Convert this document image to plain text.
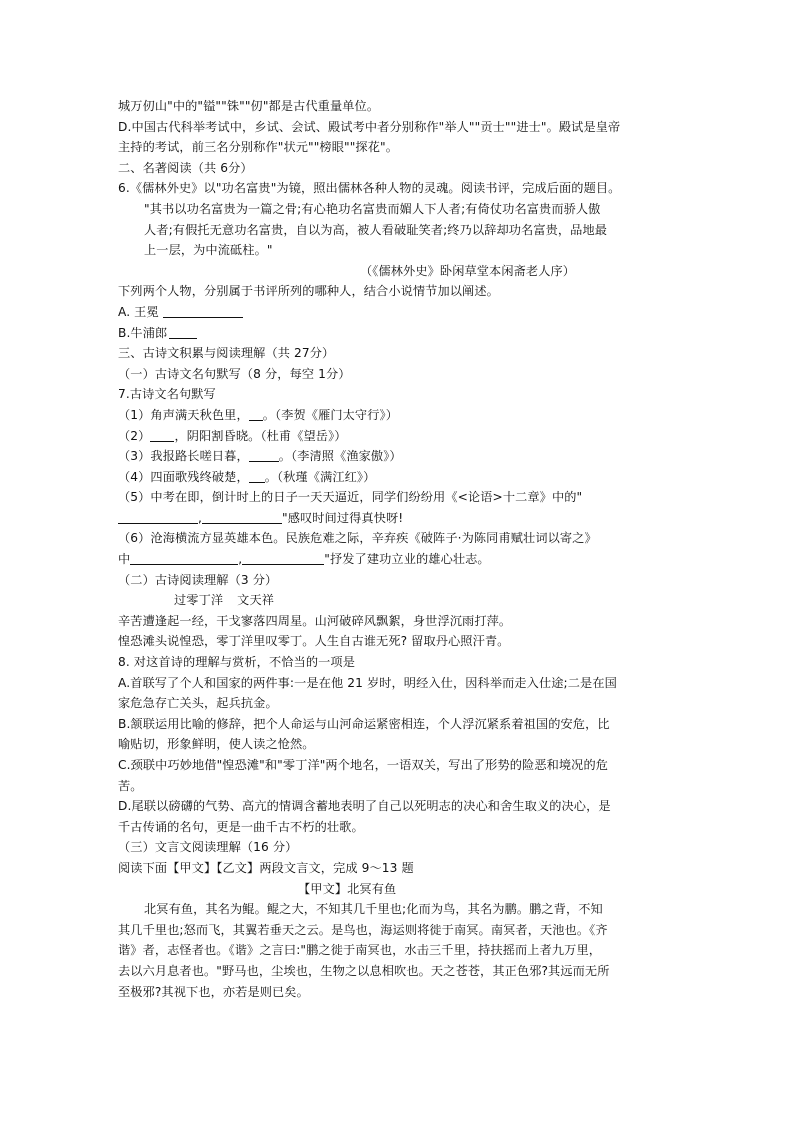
城万仞山"中的"镒""铢""仞"都是古代重量单位。
D.中国古代科举考试中，乡试、会试、殿试考中者分别称作"举人""贡士""进士"。殿试是皇帝
主持的考试，前三名分别称作"状元""榜眼""探花"。
二、名著阅读（共 6分）
6.《儒林外史》以"功名富贵"为镜，照出儒林各种人物的灵魂。阅读书评，完成后面的题目。
"其书以功名富贵为一篇之骨;有心艳功名富贵而媚人下人者;有倚仗功名富贵而骄人傲
人者;有假托无意功名富贵，自以为高，被人看破耻笑者;终乃以辞却功名富贵，品地最
上一层，为中流砥柱。"
（《儒林外史》卧闲草堂本闲斋老人序）
下列两个人物，分别属于书评所列的哪种人，结合小说情节加以阐述。
A. 王冕
B.牛浦郎
三、古诗文积累与阅读理解（共 27分）
（一）古诗文名句默写（8 分，每空 1分）
7.古诗文名句默写
（1）角声满天秋色里， 。（李贺《雁门太守行》）
（2） ，阴阳割昏晓。（杜甫《望岳》）
（3）我报路长嗟日暮， 。（李清照《渔家傲》）
（4）四面歌残终破楚， 。（秋瑾《满江红》）
（5）中考在即，倒计时上的日子一天天逼近，同学们纷纷用《<论语>十二章》中的"
,	"感叹时间过得真快呀!
（6）沧海横流方显英雄本色。民族危难之际，辛弃疾《破阵子·为陈同甫赋壮词以寄之》
中	,	"抒发了建功立业的雄心壮志。
（二）古诗阅读理解（3 分）
过零丁洋 文天祥
辛苦遭逢起一经，干戈寥落四周星。山河破碎风飘絮，身世浮沉雨打萍。
惶恐滩头说惶恐，零丁洋里叹零丁。人生自古谁无死? 留取丹心照汗青。
8. 对这首诗的理解与赏析，不恰当的一项是
A.首联写了个人和国家的两件事:一是在他 21 岁时，明经入仕，因科举而走入仕途;二是在国
家危急存亡关头，起兵抗金。
B.颔联运用比喻的修辞，把个人命运与山河命运紧密相连，个人浮沉紧系着祖国的安危，比
喻贴切，形象鲜明，使人读之怆然。
C.颈联中巧妙地借"惶恐滩"和"零丁洋"两个地名，一语双关，写出了形势的险恶和境况的危
苦。
D.尾联以磅礴的气势、高亢的情调含蓄地表明了自己以死明志的决心和舍生取义的决心，是
千古传诵的名句，更是一曲千古不朽的壮歌。
（三）文言文阅读理解（16 分）
阅读下面【甲文】【乙文】两段文言文，完成 9～13 题
【甲文】北冥有鱼
北冥有鱼，其名为鲲。鲲之大，不知其几千里也;化而为鸟，其名为鹏。鹏之背，不知
其几千里也;怒而飞，其翼若垂天之云。是鸟也，海运则将徙于南冥。南冥者，天池也。《齐
谐》者，志怪者也。《谐》之言曰:"鹏之徙于南冥也，水击三千里，持扶摇而上者九万里，
去以六月息者也。"野马也，尘埃也，生物之以息相吹也。天之苍苍，其正色邪?其远而无所
至极邪?其视下也，亦若是则已矣。
